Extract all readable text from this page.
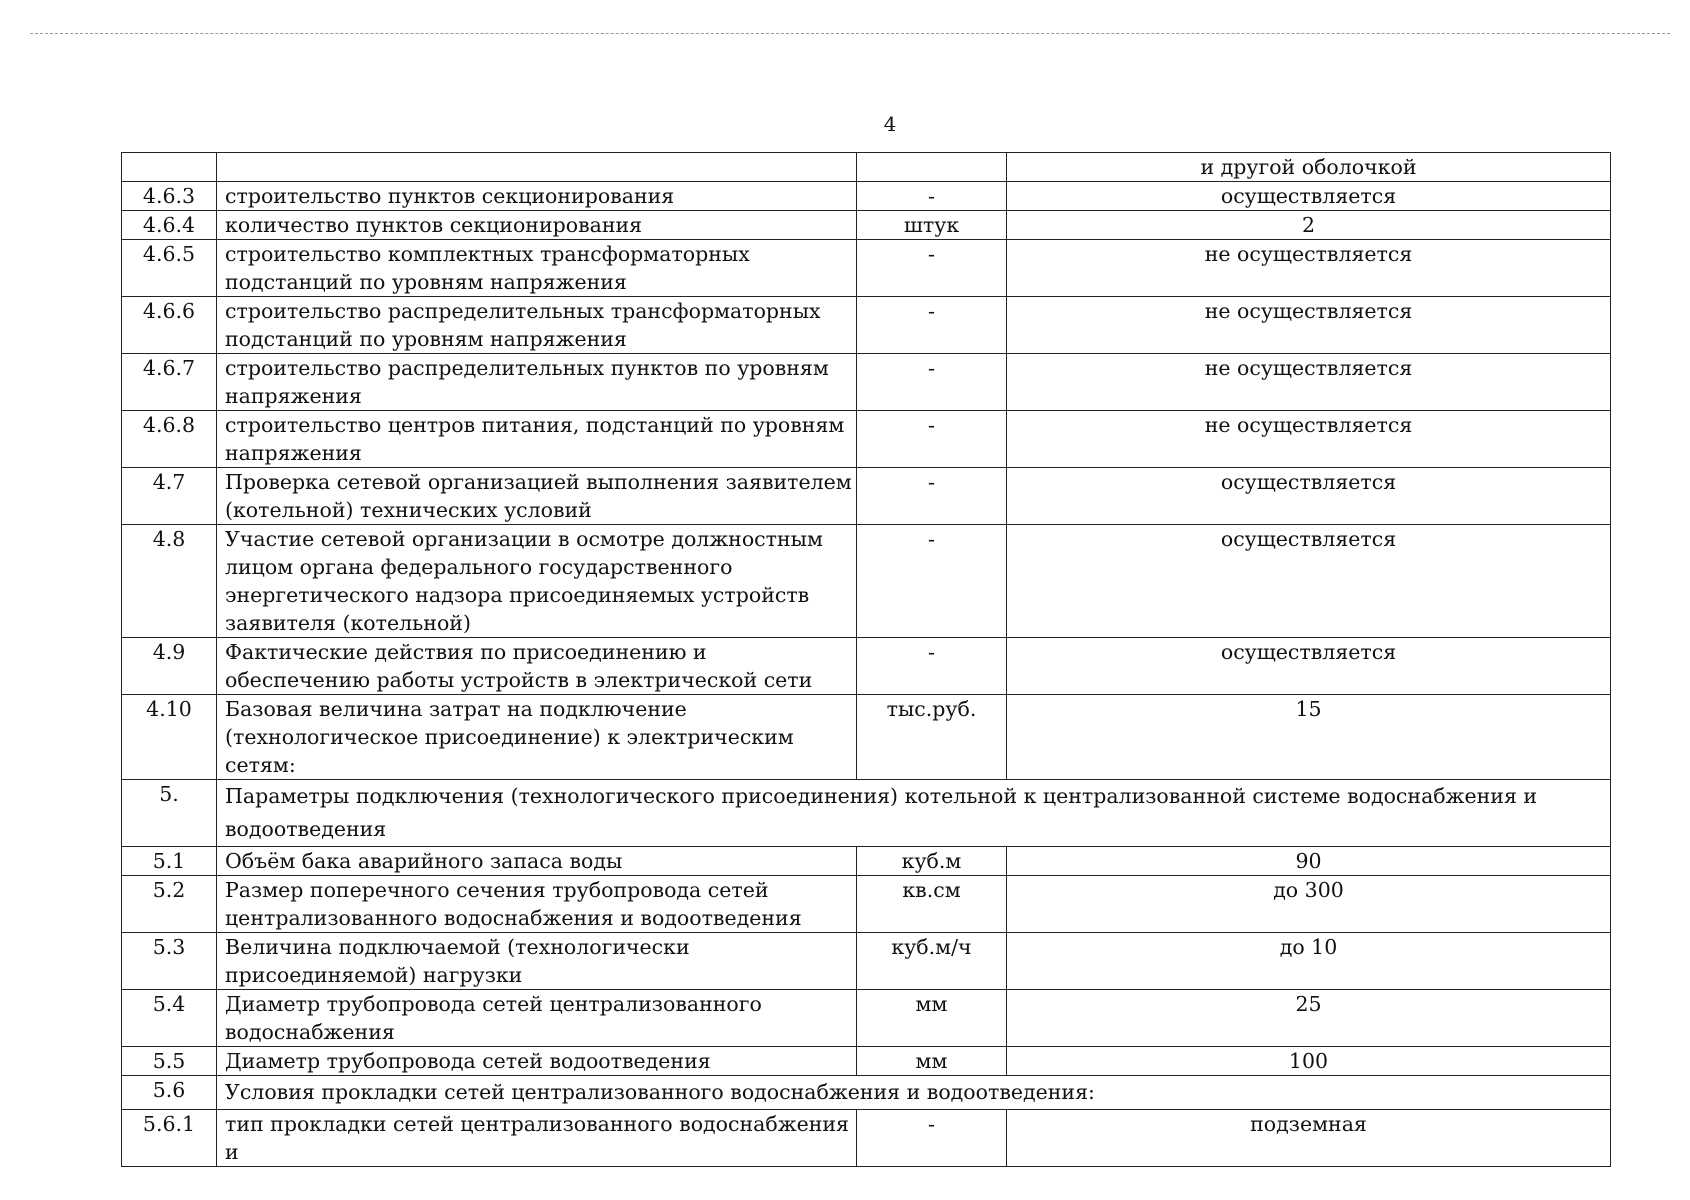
4
			и другой оболочкой
4.6.3	строительство пунктов секционирования	-	осуществляется
4.6.4	количество пунктов секционирования	штук	2
4.6.5	строительство комплектных трансформаторных подстанций по уровням напряжения	-	не осуществляется
4.6.6	строительство распределительных трансформаторных подстанций по уровням напряжения	-	не осуществляется
4.6.7	строительство распределительных пунктов по уровням напряжения	-	не осуществляется
4.6.8	строительство центров питания, подстанций по уровням напряжения	-	не осуществляется
4.7	Проверка сетевой организацией выполнения заявителем (котельной) технических условий	-	осуществляется
4.8	Участие сетевой организации в осмотре должностным лицом органа федерального государственного энергетического надзора присоединяемых устройств заявителя (котельной)	-	осуществляется
4.9	Фактические действия по присоединению и обеспечению работы устройств в электрической сети	-	осуществляется
4.10	Базовая величина затрат на подключение (технологическое присоединение) к электрическим сетям:	тыс.руб.	15
5.	Параметры подключения (технологического присоединения) котельной к централизованной системе водоснабжения и водоотведения		
5.1	Объём бака аварийного запаса воды	куб.м	90
5.2	Размер поперечного сечения трубопровода сетей централизованного водоснабжения и водоотведения	кв.см	до 300
5.3	Величина подключаемой (технологически присоединяемой) нагрузки	куб.м/ч	до 10
5.4	Диаметр трубопровода сетей централизованного водоснабжения	мм	25
5.5	Диаметр трубопровода сетей водоотведения	мм	100
5.6	Условия прокладки сетей централизованного водоснабжения и водоотведения:		
5.6.1	тип прокладки сетей централизованного водоснабжения и	-	подземная
